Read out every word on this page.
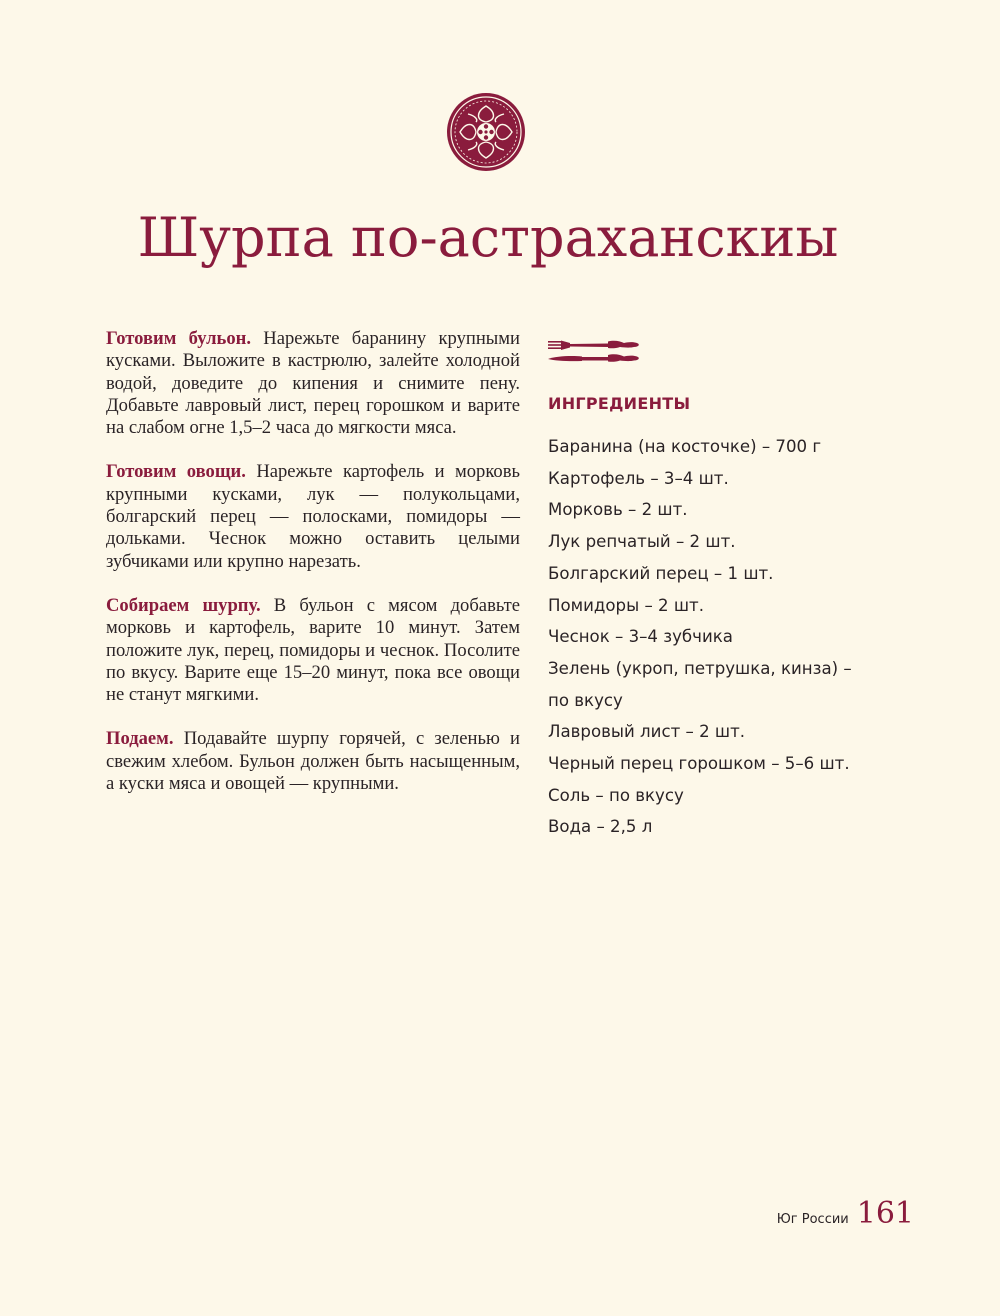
Шурпа по-астраханскиы

Готовим бульон. Нарежьте баранину крупными кусками. Выложите в кастрюлю, залейте холодной водой, доведите до кипения и снимите пену. Добавьте лавровый лист, перец горошком и варите на слабом огне 1,5–2 часа до мягкости мяса.

Готовим овощи. Нарежьте картофель и морковь крупными кусками, лук — полукольцами, болгарский перец — полосками, помидоры — дольками. Чеснок можно оставить целыми зубчиками или крупно нарезать.

Собираем шурпу. В бульон с мясом добавьте морковь и картофель, варите 10 минут. Затем положите лук, перец, помидоры и чеснок. Посолите по вкусу. Варите еще 15–20 минут, пока все овощи не станут мягкими.

Подаем. Подавайте шурпу горячей, с зеленью и свежим хлебом. Бульон должен быть насыщенным, а куски мяса и овощей — крупными.

ИНГРЕДИЕНТЫ
Баранина (на косточке) – 700 г
Картофель – 3–4 шт.
Морковь – 2 шт.
Лук репчатый – 2 шт.
Болгарский перец – 1 шт.
Помидоры – 2 шт.
Чеснок – 3–4 зубчика
Зелень (укроп, петрушка, кинза) –
по вкусу
Лавровый лист – 2 шт.
Черный перец горошком – 5–6 шт.
Соль – по вкусу
Вода – 2,5 л
Юг России 161
